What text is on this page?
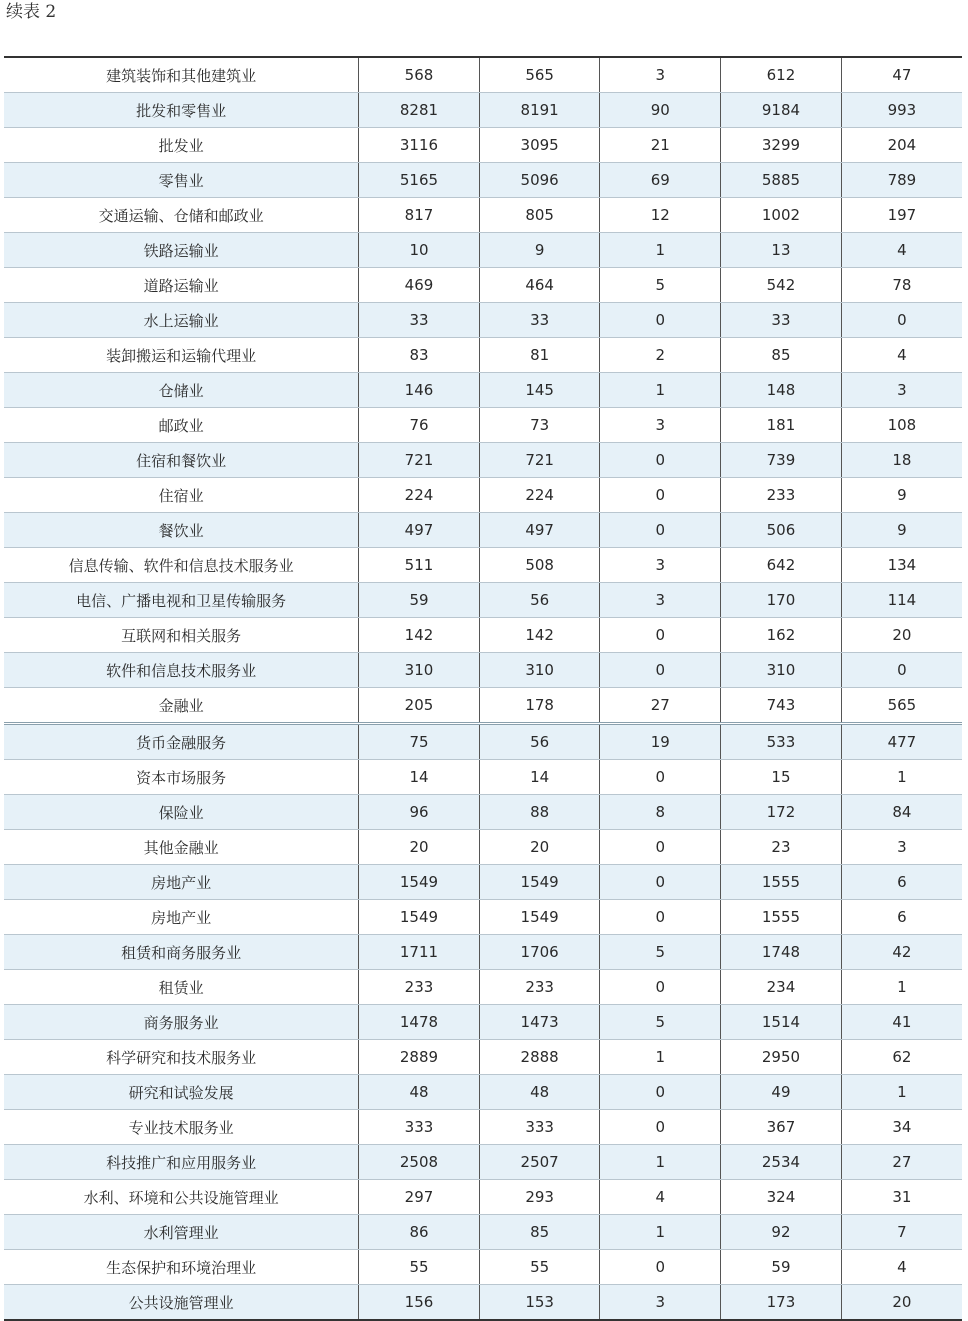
续表 2
建筑装饰和其他建筑业	568	565	3	612	47
批发和零售业	8281	8191	90	9184	993
批发业	3116	3095	21	3299	204
零售业	5165	5096	69	5885	789
交通运输、仓储和邮政业	817	805	12	1002	197
铁路运输业	10	9	1	13	4
道路运输业	469	464	5	542	78
水上运输业	33	33	0	33	0
装卸搬运和运输代理业	83	81	2	85	4
仓储业	146	145	1	148	3
邮政业	76	73	3	181	108
住宿和餐饮业	721	721	0	739	18
住宿业	224	224	0	233	9
餐饮业	497	497	0	506	9
信息传输、软件和信息技术服务业	511	508	3	642	134
电信、广播电视和卫星传输服务	59	56	3	170	114
互联网和相关服务	142	142	0	162	20
软件和信息技术服务业	310	310	0	310	0
金融业	205	178	27	743	565
货币金融服务	75	56	19	533	477
资本市场服务	14	14	0	15	1
保险业	96	88	8	172	84
其他金融业	20	20	0	23	3
房地产业	1549	1549	0	1555	6
房地产业	1549	1549	0	1555	6
租赁和商务服务业	1711	1706	5	1748	42
租赁业	233	233	0	234	1
商务服务业	1478	1473	5	1514	41
科学研究和技术服务业	2889	2888	1	2950	62
研究和试验发展	48	48	0	49	1
专业技术服务业	333	333	0	367	34
科技推广和应用服务业	2508	2507	1	2534	27
水利、环境和公共设施管理业	297	293	4	324	31
水利管理业	86	85	1	92	7
生态保护和环境治理业	55	55	0	59	4
公共设施管理业	156	153	3	173	20
